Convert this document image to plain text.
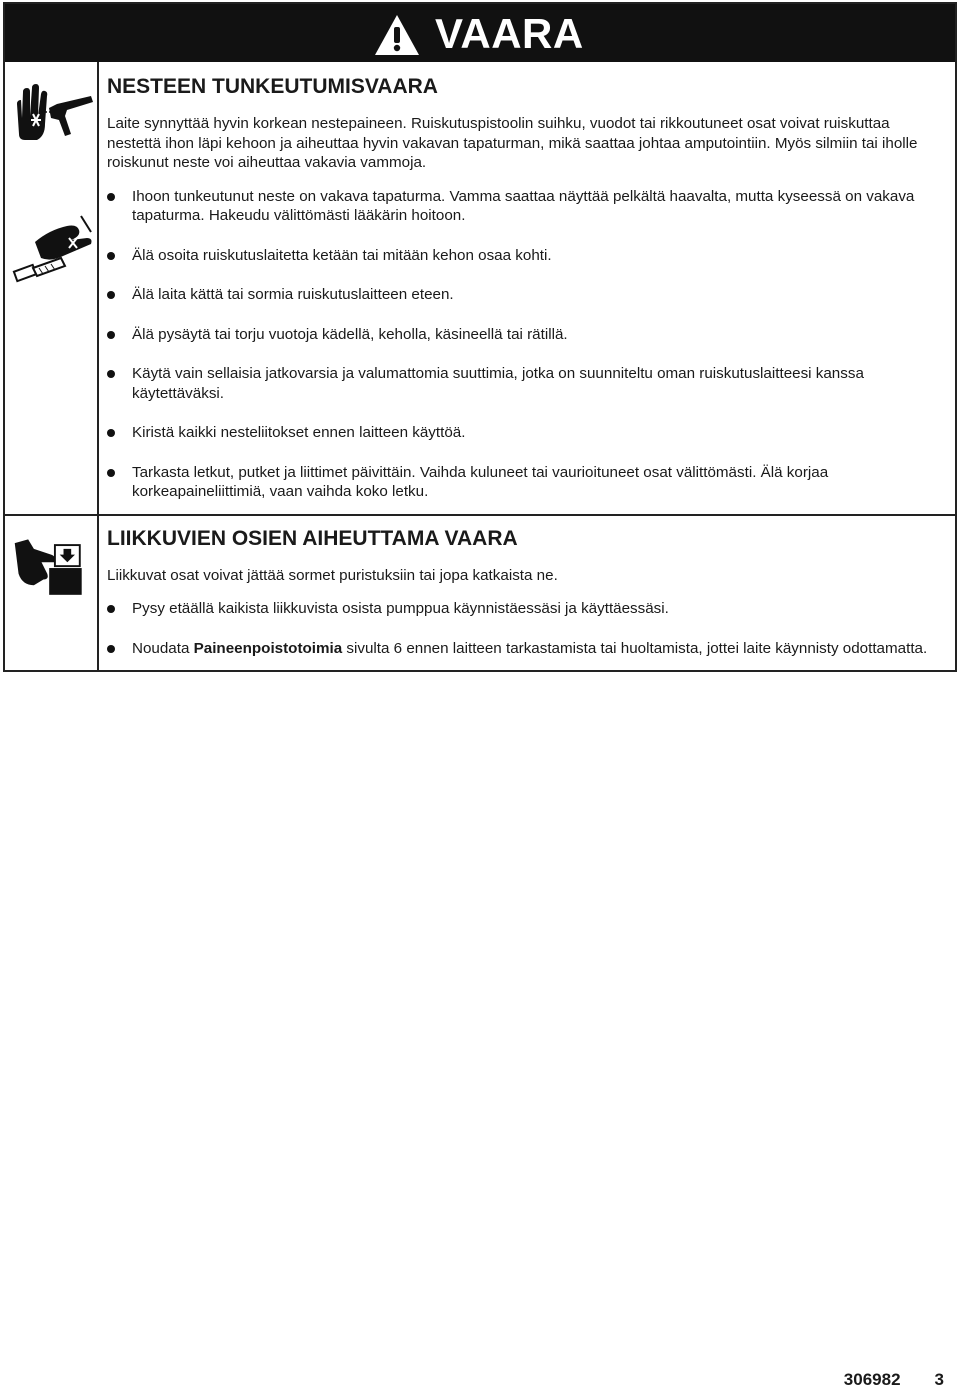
VAARA
NESTEEN TUNKEUTUMISVAARA

Laite synnyttää hyvin korkean nestepaineen. Ruiskutuspistoolin suihku, vuodot tai rikkoutuneet osat voivat ruiskuttaa nestettä ihon läpi kehoon ja aiheuttaa hyvin vakavan tapaturman, mikä saattaa johtaa amputointiin. Myös silmiin tai iholle roiskunut neste voi aiheuttaa vakavia vammoja.

Ihoon tunkeutunut neste on vakava tapaturma. Vamma saattaa näyttää pelkältä haavalta, mutta kyseessä on vakava tapaturma. Hakeudu välittömästi lääkärin hoitoon.
Älä osoita ruiskutuslaitetta ketään tai mitään kehon osaa kohti.
Älä laita kättä tai sormia ruiskutuslaitteen eteen.
Älä pysäytä tai torju vuotoja kädellä, keholla, käsineellä tai rätillä.
Käytä vain sellaisia jatkovarsia ja valumattomia suuttimia, jotka on suunniteltu oman ruiskutuslaitteesi kanssa käytettäväksi.
Kiristä kaikki nesteliitokset ennen laitteen käyttöä.
Tarkasta letkut, putket ja liittimet päivittäin. Vaihda kuluneet tai vaurioituneet osat välittömästi. Älä korjaa korkeapaineliittimiä, vaan vaihda koko letku.
LIIKKUVIEN OSIEN AIHEUTTAMA VAARA

Liikkuvat osat voivat jättää sormet puristuksiin tai jopa katkaista ne.

Pysy etäällä kaikista liikkuvista osista pumppua käynnistäessäsi ja käyttäessäsi.
Noudata Paineenpoistotoimia sivulta 6 ennen laitteen tarkastamista tai huoltamista, jottei laite käynnisty odottamatta.
306982 3
